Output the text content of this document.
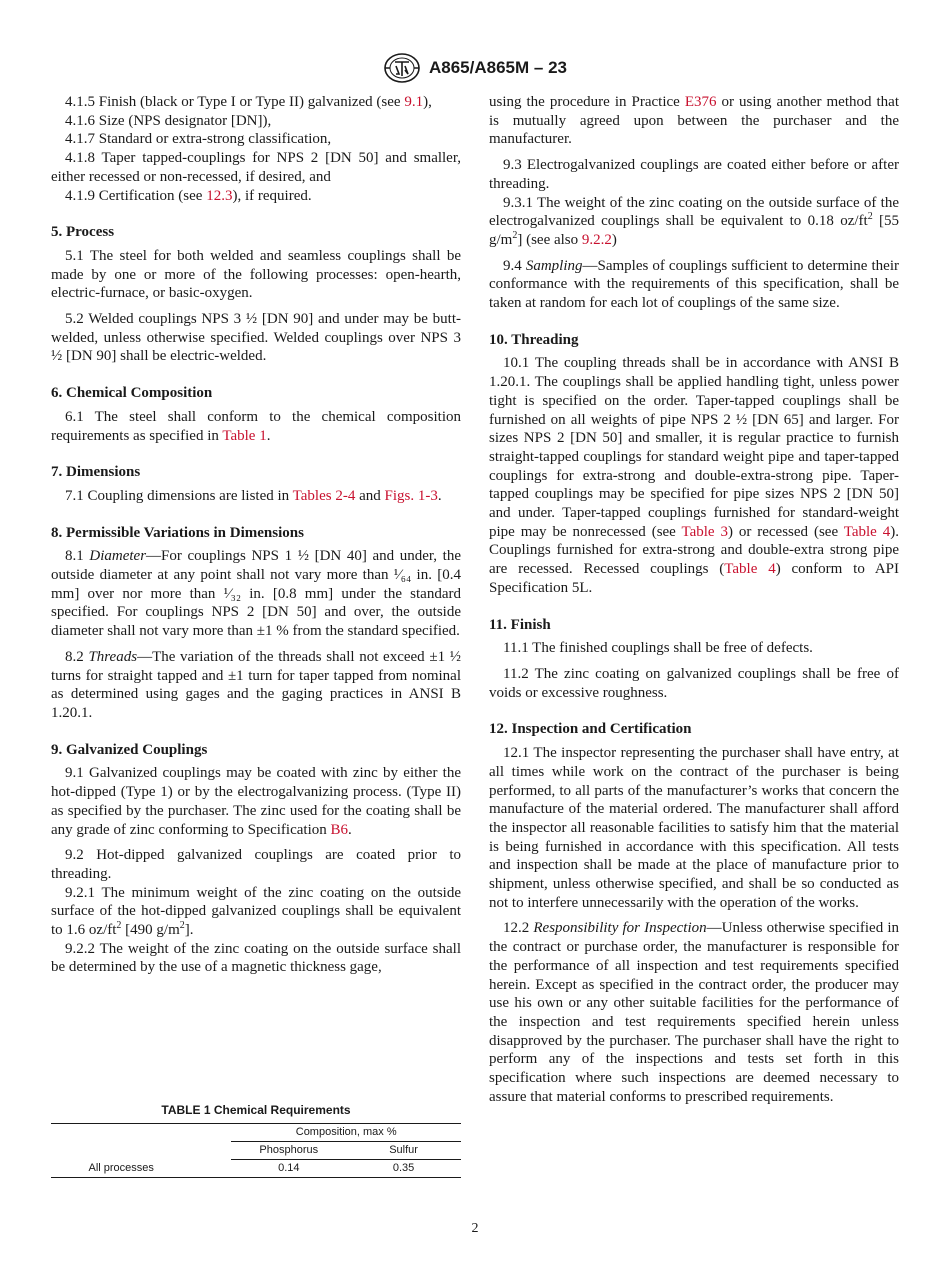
A865/A865M – 23

4.1.5 Finish (black or Type I or Type II) galvanized (see 9.1),

4.1.6 Size (NPS designator [DN]),

4.1.7 Standard or extra-strong classification,

4.1.8 Taper tapped-couplings for NPS 2 [DN 50] and smaller, either recessed or non-recessed, if desired, and

4.1.9 Certification (see 12.3), if required.

5. Process

5.1 The steel for both welded and seamless couplings shall be made by one or more of the following processes: open-hearth, electric-furnace, or basic-oxygen.

5.2 Welded couplings NPS 3 ½ [DN 90] and under may be butt-welded, unless otherwise specified. Welded couplings over NPS 3 ½ [DN 90] shall be electric-welded.

6. Chemical Composition

6.1 The steel shall conform to the chemical composition requirements as specified in Table 1.

7. Dimensions

7.1 Coupling dimensions are listed in Tables 2-4 and Figs. 1-3.

8. Permissible Variations in Dimensions

8.1 Diameter—For couplings NPS 1 ½ [DN 40] and under, the outside diameter at any point shall not vary more than ¹⁄₆₄ in. [0.4 mm] over nor more than ¹⁄₃₂ in. [0.8 mm] under the standard specified. For couplings NPS 2 [DN 50] and over, the outside diameter shall not vary more than ±1 % from the standard specified.

8.2 Threads—The variation of the threads shall not exceed ±1 ½ turns for straight tapped and ±1 turn for taper tapped from nominal as determined using gages and the gaging practices in ANSI B 1.20.1.

9. Galvanized Couplings

9.1 Galvanized couplings may be coated with zinc by either the hot-dipped (Type 1) or by the electrogalvanizing process. (Type II) as specified by the purchaser. The zinc used for the coating shall be any grade of zinc conforming to Specification B6.

9.2 Hot-dipped galvanized couplings are coated prior to threading.

9.2.1 The minimum weight of the zinc coating on the outside surface of the hot-dipped galvanized couplings shall be equivalent to 1.6 $oz/ft^2$ [490 $g/m^2$].

9.2.2 The weight of the zinc coating on the outside surface shall be determined by the use of a magnetic thickness gage,

TABLE 1 Chemical Requirements
	Composition, max %	
	Phosphorus	Sulfur
All processes	0.14	0.35

using the procedure in Practice E376 or using another method that is mutually agreed upon between the purchaser and the manufacturer.

9.3 Electrogalvanized couplings are coated either before or after threading.

9.3.1 The weight of the zinc coating on the outside surface of the electrogalvanized couplings shall be equivalent to 0.18 $oz/ft^2$ [55 $g/m^2$] (see also 9.2.2)

9.4 Sampling—Samples of couplings sufficient to determine their conformance with the requirements of this specification, shall be taken at random for each lot of couplings of the same size.

10. Threading

10.1 The coupling threads shall be in accordance with ANSI B 1.20.1. The couplings shall be applied handling tight, unless power tight is specified on the order. Taper-tapped couplings shall be furnished on all weights of pipe NPS 2 ½ [DN 65] and larger. For sizes NPS 2 [DN 50] and smaller, it is regular practice to furnish straight-tapped couplings for standard weight pipe and taper-tapped couplings for extra-strong and double-extra-strong pipe. Taper-tapped couplings may be specified for pipe sizes NPS 2 [DN 50] and under. Taper-tapped couplings furnished for standard-weight pipe may be nonrecessed (see Table 3) or recessed (see Table 4). Couplings furnished for extra-strong and double-extra strong pipe are recessed. Recessed couplings (Table 4) conform to API Specification 5L.

11. Finish

11.1 The finished couplings shall be free of defects.

11.2 The zinc coating on galvanized couplings shall be free of voids or excessive roughness.

12. Inspection and Certification

12.1 The inspector representing the purchaser shall have entry, at all times while work on the contract of the purchaser is being performed, to all parts of the manufacturer’s works that concern the manufacture of the material ordered. The manufacturer shall afford the inspector all reasonable facilities to satisfy him that the material is being furnished in accordance with this specification. All tests and inspection shall be made at the place of manufacture prior to shipment, unless otherwise specified, and shall be so conducted as not to interfere unnecessarily with the operation of the works.

12.2 Responsibility for Inspection—Unless otherwise specified in the contract or purchase order, the manufacturer is responsible for the performance of all inspection and test requirements specified herein. Except as specified in the contract order, the producer may use his own or any other suitable facilities for the performance of the inspection and test requirements specified herein unless disapproved by the purchaser. The purchaser shall have the right to perform any of the inspections and tests set forth in this specification where such inspections are deemed necessary to assure that material conforms to prescribed requirements.

2
